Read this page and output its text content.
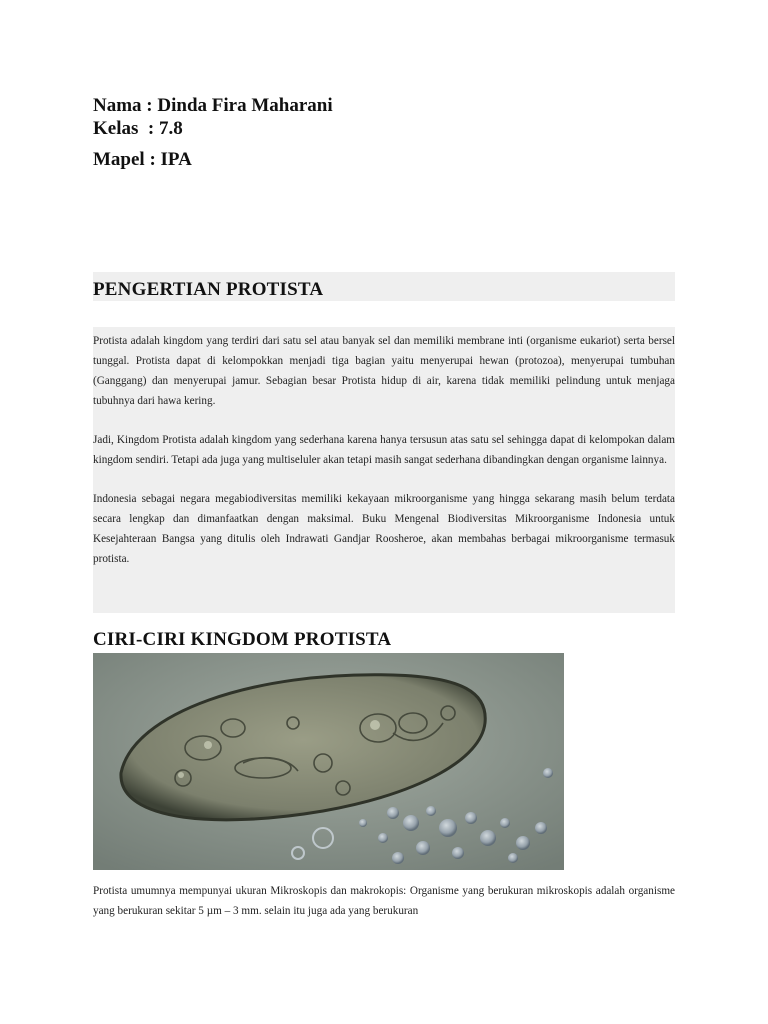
Nama : Dinda Fira Maharani
Kelas  : 7.8
Mapel : IPA
PENGERTIAN PROTISTA

Protista adalah kingdom yang terdiri dari satu sel atau banyak sel dan memiliki membrane inti (organisme eukariot) serta bersel tunggal. Protista dapat di kelompokkan menjadi tiga bagian yaitu menyerupai hewan (protozoa), menyerupai tumbuhan (Ganggang) dan menyerupai jamur. Sebagian besar Protista hidup di air, karena tidak memiliki pelindung untuk menjaga tubuhnya dari hawa kering.

Jadi, Kingdom Protista adalah kingdom yang sederhana karena hanya tersusun atas satu sel sehingga dapat di kelompokan dalam kingdom sendiri. Tetapi ada juga yang multiseluler akan tetapi masih sangat sederhana dibandingkan dengan organisme lainnya.

Indonesia sebagai negara megabiodiversitas memiliki kekayaan mikroorganisme yang hingga sekarang masih belum terdata secara lengkap dan dimanfaatkan dengan maksimal. Buku Mengenal Biodiversitas Mikroorganisme Indonesia untuk Kesejahteraan Bangsa yang ditulis oleh Indrawati Gandjar Roosheroe, akan membahas berbagai mikroorganisme termasuk protista.

CIRI-CIRI KINGDOM PROTISTA

Protista umumnya mempunyai ukuran Mikroskopis dan makrokopis: Organisme yang berukuran mikroskopis adalah organisme yang berukuran sekitar 5 µm – 3 mm. selain itu juga ada yang berukuran
